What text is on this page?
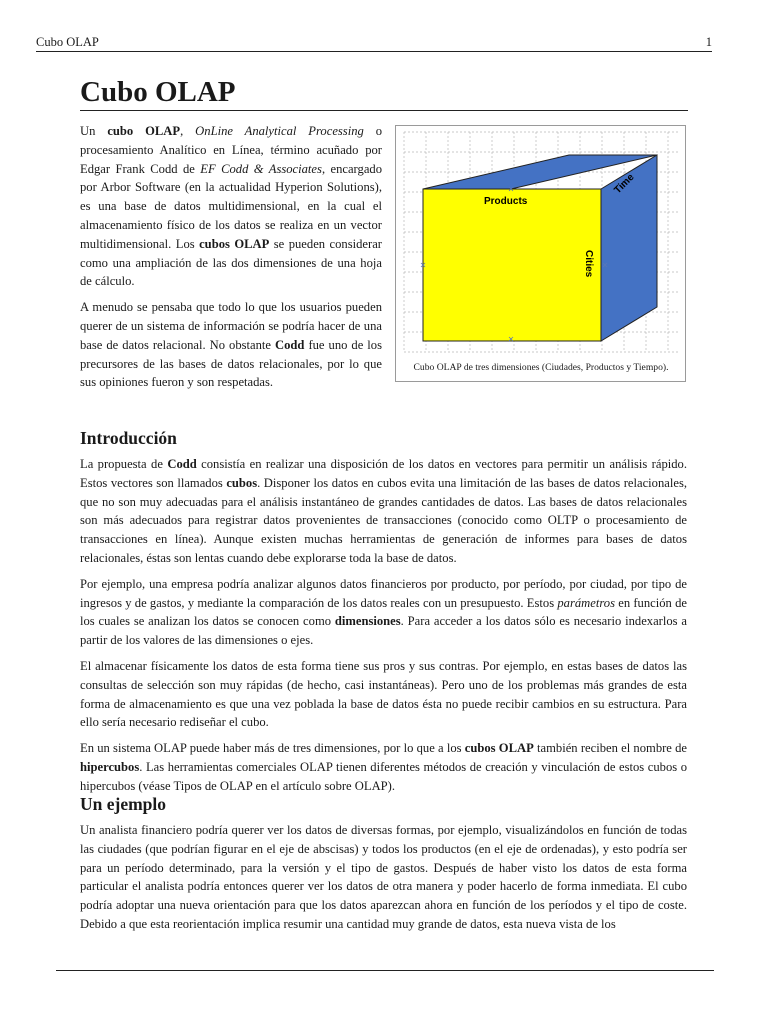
Cubo OLAP	1
Cubo OLAP

Un cubo OLAP, OnLine Analytical Processing o procesamiento Analítico en Línea, término acuñado por Edgar Frank Codd de EF Codd & Associates, encargado por Arbor Software (en la actualidad Hyperion Solutions), es una base de datos multidimensional, en la cual el almacenamiento físico de los datos se realiza en un vector multidimensional. Los cubos OLAP se pueden considerar como una ampliación de las dos dimensiones de una hoja de cálculo.

A menudo se pensaba que todo lo que los usuarios pueden querer de un sistema de información se podría hacer de una base de datos relacional. No obstante Codd fue uno de los precursores de las bases de datos relacionales, por lo que sus opiniones fueron y son respetadas.

Products
Cities
Time
Cubo OLAP de tres dimensiones (Ciudades, Productos y Tiempo).
Introducción

La propuesta de Codd consistía en realizar una disposición de los datos en vectores para permitir un análisis rápido. Estos vectores son llamados cubos. Disponer los datos en cubos evita una limitación de las bases de datos relacionales, que no son muy adecuadas para el análisis instantáneo de grandes cantidades de datos. Las bases de datos relacionales son más adecuados para registrar datos provenientes de transacciones (conocido como OLTP o procesamiento de transacciones en línea). Aunque existen muchas herramientas de generación de informes para bases de datos relacionales, éstas son lentas cuando debe explorarse toda la base de datos.

Por ejemplo, una empresa podría analizar algunos datos financieros por producto, por período, por ciudad, por tipo de ingresos y de gastos, y mediante la comparación de los datos reales con un presupuesto. Estos parámetros en función de los cuales se analizan los datos se conocen como dimensiones. Para acceder a los datos sólo es necesario indexarlos a partir de los valores de las dimensiones o ejes.

El almacenar físicamente los datos de esta forma tiene sus pros y sus contras. Por ejemplo, en estas bases de datos las consultas de selección son muy rápidas (de hecho, casi instantáneas). Pero uno de los problemas más grandes de esta forma de almacenamiento es que una vez poblada la base de datos ésta no puede recibir cambios en su estructura. Para ello sería necesario rediseñar el cubo.

En un sistema OLAP puede haber más de tres dimensiones, por lo que a los cubos OLAP también reciben el nombre de hipercubos. Las herramientas comerciales OLAP tienen diferentes métodos de creación y vinculación de estos cubos o hipercubos (véase Tipos de OLAP en el artículo sobre OLAP).

Un ejemplo

Un analista financiero podría querer ver los datos de diversas formas, por ejemplo, visualizándolos en función de todas las ciudades (que podrían figurar en el eje de abscisas) y todos los productos (en el eje de ordenadas), y esto podría ser para un período determinado, para la versión y el tipo de gastos. Después de haber visto los datos de esta forma particular el analista podría entonces querer ver los datos de otra manera y poder hacerlo de forma inmediata. El cubo podría adoptar una nueva orientación para que los datos aparezcan ahora en función de los períodos y el tipo de coste. Debido a que esta reorientación implica resumir una cantidad muy grande de datos, esta nueva vista de los
